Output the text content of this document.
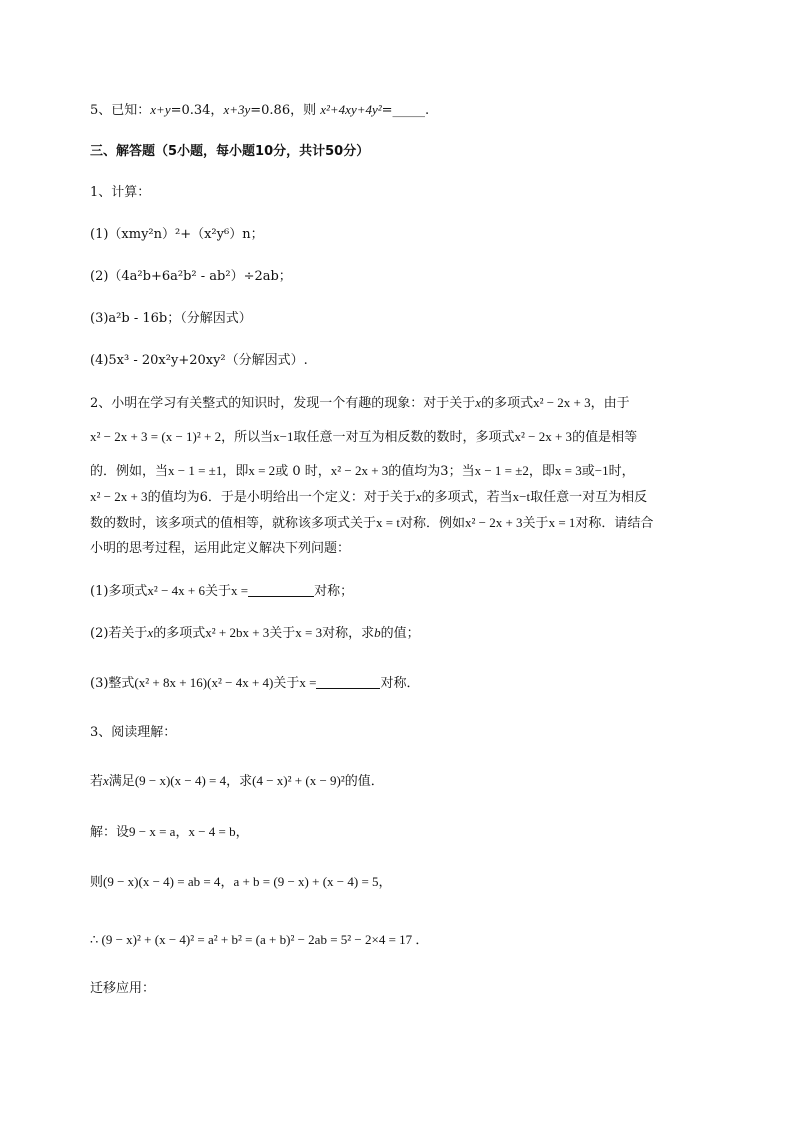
5、已知：x+y=0.34，x+3y=0.86，则 x²+4xy+4y²=_____.
三、解答题（5小题，每小题10分，共计50分）
1、计算：
(1)（xmy²n）²+（x²y⁶）n；
(2)（4a²b+6a²b² - ab²）÷2ab；
(3)a²b - 16b；（分解因式）
(4)5x³ - 20x²y+20xy²（分解因式）.
2、小明在学习有关整式的知识时，发现一个有趣的现象：对于关于x的多项式x² − 2x + 3，由于
x² − 2x + 3 = (x − 1)² + 2，所以当x−1取任意一对互为相反数的数时，多项式x² − 2x + 3的值是相等
的．例如，当x − 1 = ±1，即x = 2或 0 时，x² − 2x + 3的值均为3；当x − 1 = ±2，即x = 3或−1时，
x² − 2x + 3的值均为6．于是小明给出一个定义：对于关于x的多项式，若当x−t取任意一对互为相反
数的数时，该多项式的值相等，就称该多项式关于x = t对称．例如x² − 2x + 3关于x = 1对称．请结合
小明的思考过程，运用此定义解决下列问题：
(1)多项式x² − 4x + 6关于x =	对称；
(2)若关于x的多项式x² + 2bx + 3关于x = 3对称，求b的值；
(3)整式(x² + 8x + 16)(x² − 4x + 4)关于x =	对称．
3、阅读理解：
若x满足(9 − x)(x − 4) = 4，求(4 − x)² + (x − 9)²的值．
解：设9 − x = a，x − 4 = b，
则(9 − x)(x − 4) = ab = 4，a + b = (9 − x) + (x − 4) = 5，
∴ (9 − x)² + (x − 4)² = a² + b² = (a + b)² − 2ab = 5² − 2×4 = 17 ．
迁移应用：
